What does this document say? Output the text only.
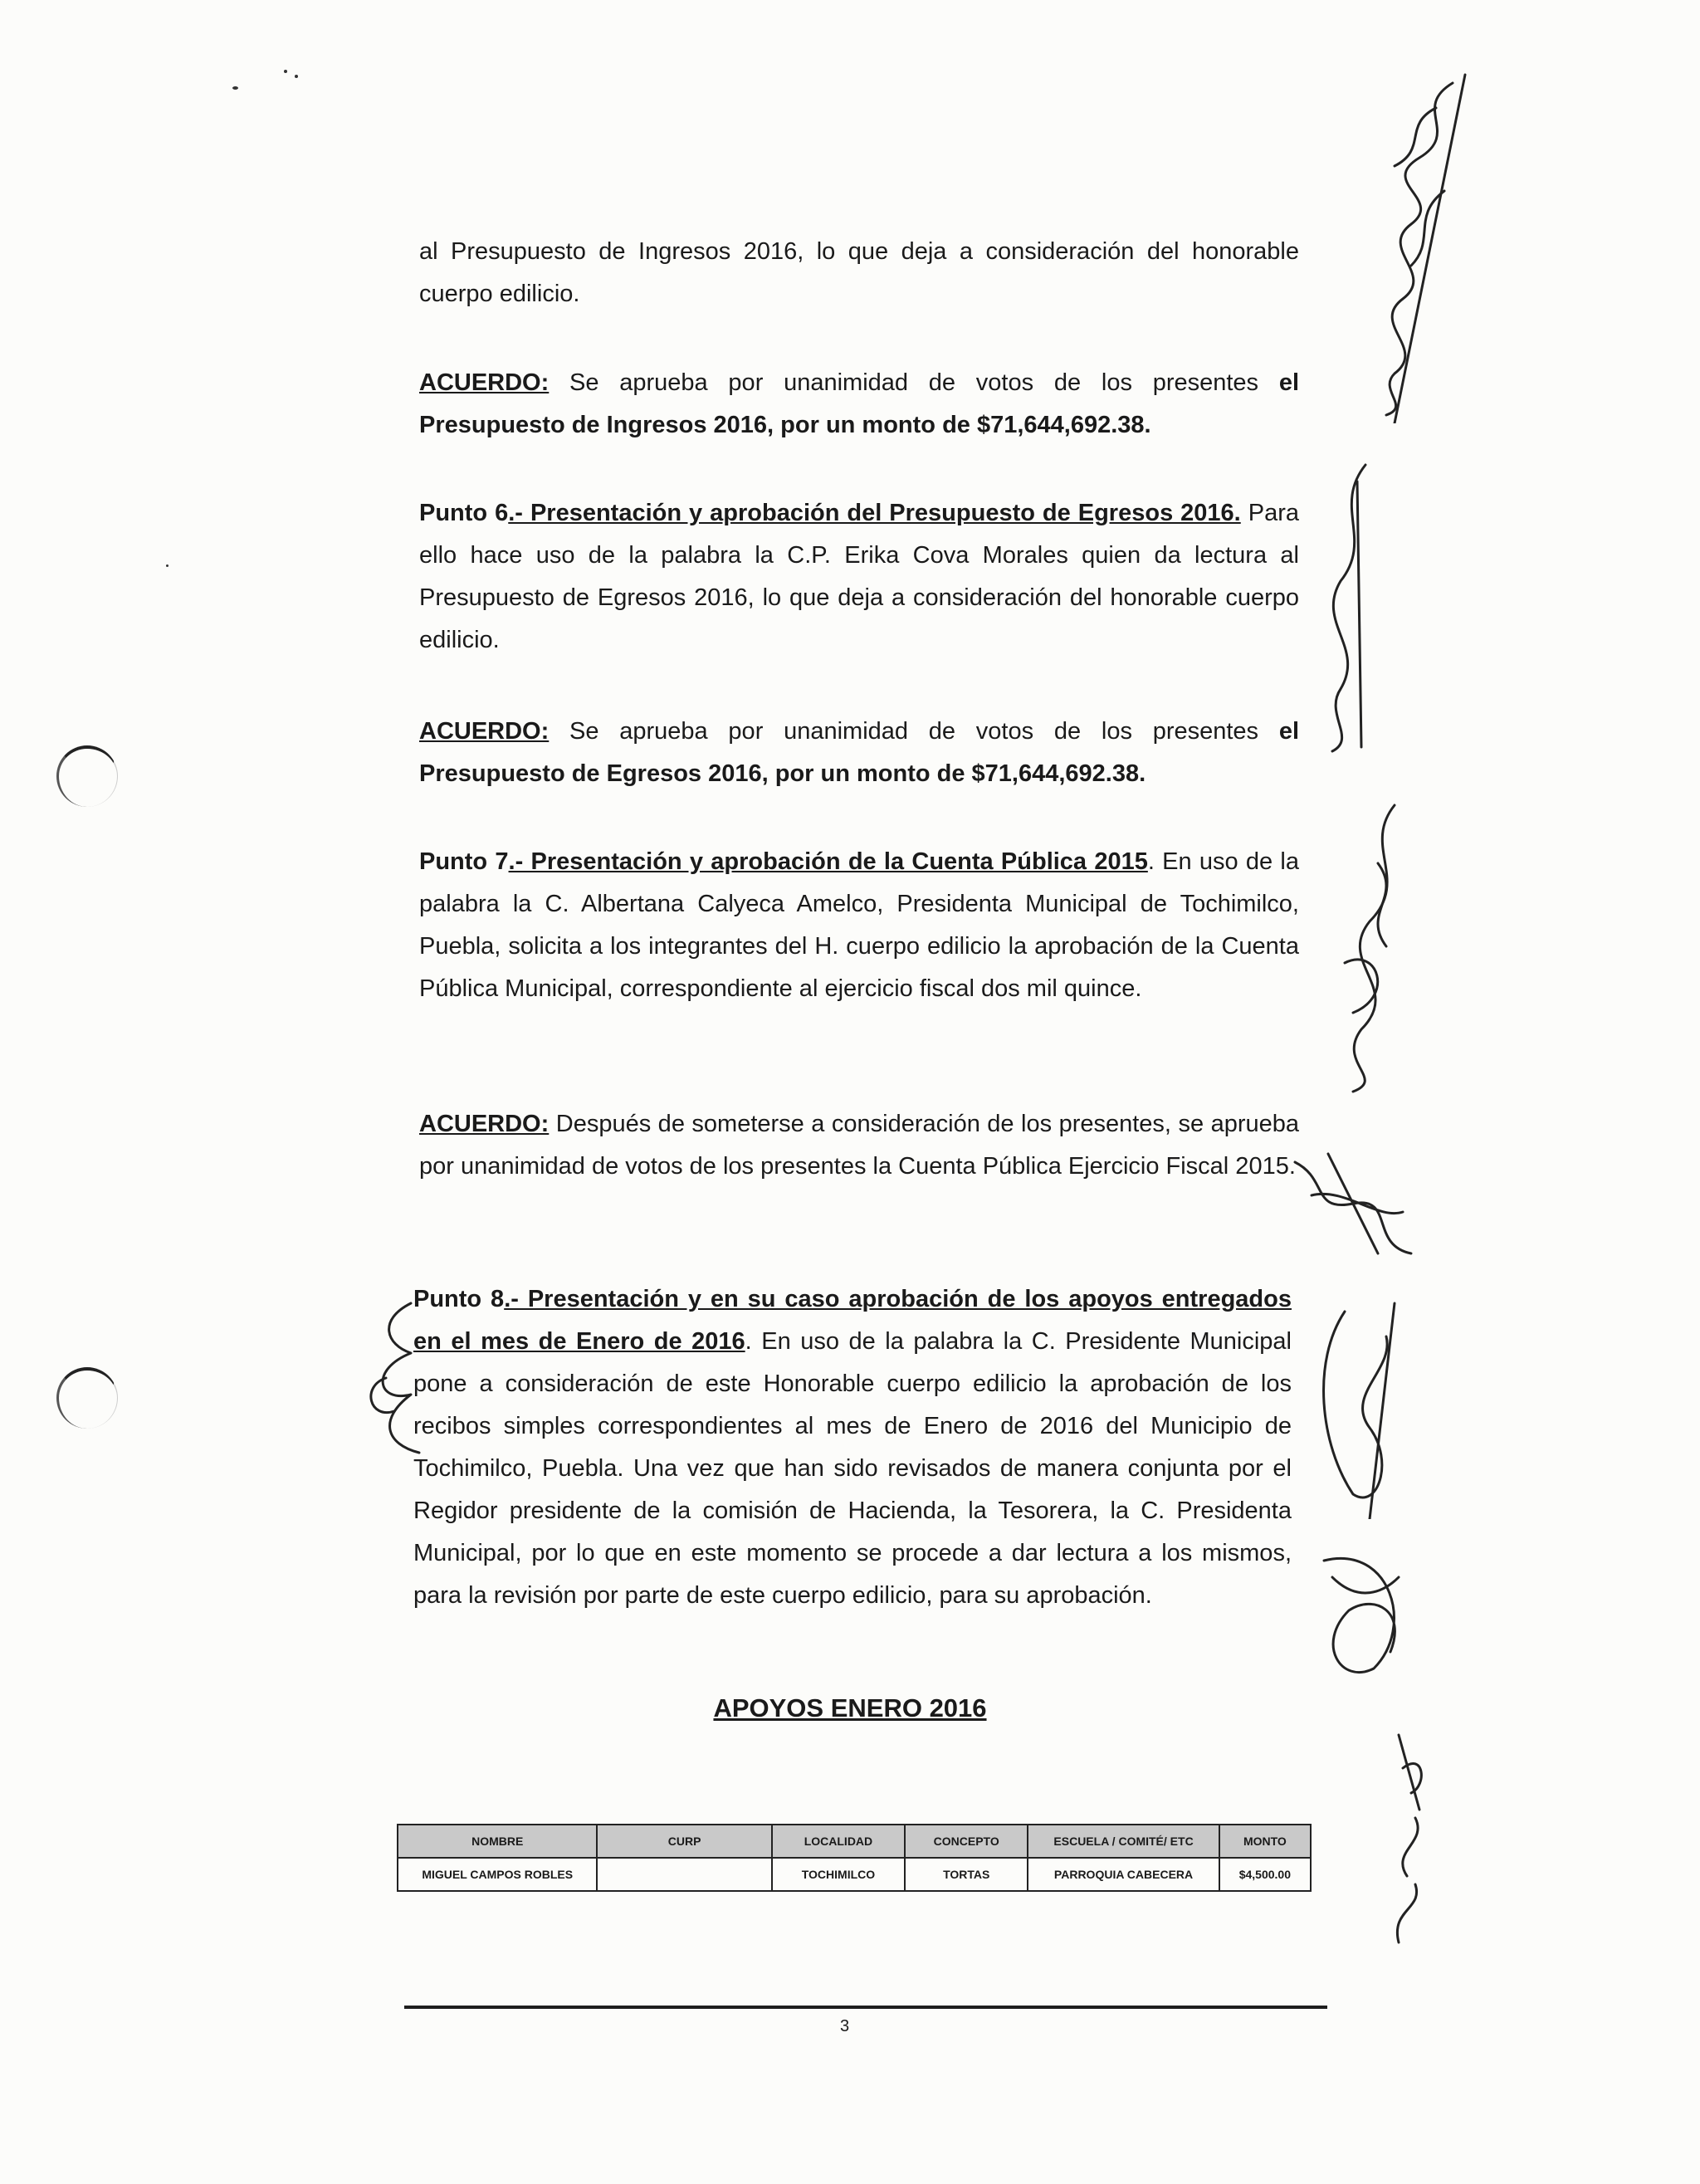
al Presupuesto de Ingresos 2016, lo que deja a consideración del honorable cuerpo edilicio.

ACUERDO: Se aprueba por unanimidad de votos de los presentes el Presupuesto de Ingresos 2016, por un monto de $71,644,692.38.

Punto 6.- Presentación y aprobación del Presupuesto de Egresos 2016. Para ello hace uso de la palabra la C.P. Erika Cova Morales quien da lectura al Presupuesto de Egresos 2016, lo que deja a consideración del honorable cuerpo edilicio.

ACUERDO: Se aprueba por unanimidad de votos de los presentes el Presupuesto de Egresos 2016, por un monto de $71,644,692.38.

Punto 7.- Presentación y aprobación de la Cuenta Pública 2015. En uso de la palabra la C. Albertana Calyeca Amelco, Presidenta Municipal de Tochimilco, Puebla, solicita a los integrantes del H. cuerpo edilicio la aprobación de la Cuenta Pública Municipal, correspondiente al ejercicio fiscal dos mil quince.

ACUERDO: Después de someterse a consideración de los presentes, se aprueba por unanimidad de votos de los presentes la Cuenta Pública Ejercicio Fiscal 2015.

Punto 8.- Presentación y en su caso aprobación de los apoyos entregados en el mes de Enero de 2016. En uso de la palabra la C. Presidente Municipal pone a consideración de este Honorable cuerpo edilicio la aprobación de los recibos simples correspondientes al mes de Enero de 2016 del Municipio de Tochimilco, Puebla. Una vez que han sido revisados de manera conjunta por el Regidor presidente de la comisión de Hacienda, la Tesorera, la C. Presidenta Municipal, por lo que en este momento se procede a dar lectura a los mismos, para la revisión por parte de este cuerpo edilicio, para su aprobación.

APOYOS ENERO 2016
NOMBRE	CURP	LOCALIDAD	CONCEPTO	ESCUELA / COMITÉ/ ETC	MONTO
MIGUEL CAMPOS ROBLES		TOCHIMILCO	TORTAS	PARROQUIA CABECERA	$4,500.00
3
